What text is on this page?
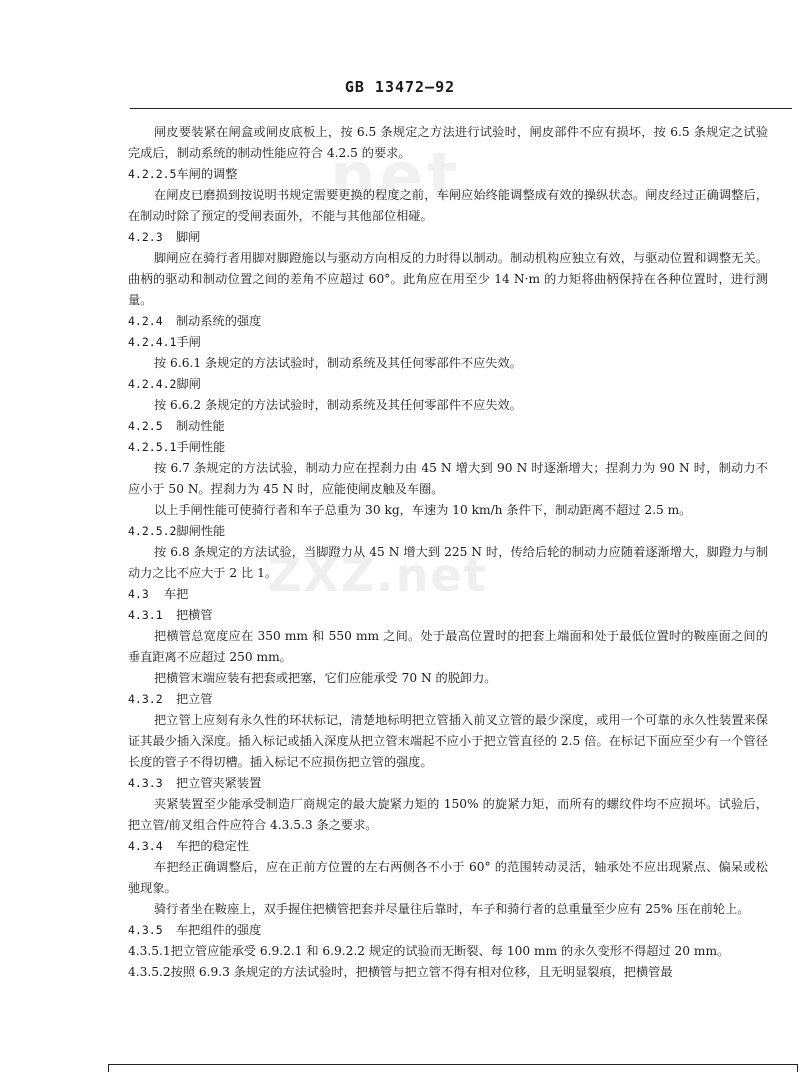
net
ZXZ.net
GB 13472—92
闸皮要装紧在闸盒或闸皮底板上，按 6.5 条规定之方法进行试验时，闸皮部件不应有损坏，按 6.5 条规定之试验完成后，制动系统的制动性能应符合 4.2.5 的要求。
4.2.2.5车闸的调整
在闸皮已磨损到按说明书规定需要更换的程度之前，车闸应始终能调整成有效的操纵状态。闸皮经过正确调整后，在制动时除了预定的受闸表面外，不能与其他部位相碰。
4.2.3 脚闸
脚闸应在骑行者用脚对脚蹬施以与驱动方向相反的力时得以制动。制动机构应独立有效，与驱动位置和调整无关。曲柄的驱动和制动位置之间的差角不应超过 60°。此角应在用至少 14 N·m 的力矩将曲柄保持在各种位置时，进行测量。
4.2.4 制动系统的强度
4.2.4.1手闸
按 6.6.1 条规定的方法试验时，制动系统及其任何零部件不应失效。
4.2.4.2脚闸
按 6.6.2 条规定的方法试验时，制动系统及其任何零部件不应失效。
4.2.5 制动性能
4.2.5.1手闸性能
按 6.7 条规定的方法试验，制动力应在捏刹力由 45 N 增大到 90 N 时逐渐增大；捏刹力为 90 N 时，制动力不应小于 50 N。捏刹力为 45 N 时，应能使闸皮触及车圈。
以上手闸性能可使骑行者和车子总重为 30 kg，车速为 10 km/h 条件下，制动距离不超过 2.5 m。
4.2.5.2脚闸性能
按 6.8 条规定的方法试验，当脚蹬力从 45 N 增大到 225 N 时，传给后轮的制动力应随着逐渐增大，脚蹬力与制动力之比不应大于 2 比 1。
4.3 车把
4.3.1 把横管
把横管总宽度应在 350 mm 和 550 mm 之间。处于最高位置时的把套上端面和处于最低位置时的鞍座面之间的垂直距离不应超过 250 mm。
把横管末端应装有把套或把塞，它们应能承受 70 N 的脱卸力。
4.3.2 把立管
把立管上应刻有永久性的环状标记，清楚地标明把立管插入前叉立管的最少深度，或用一个可靠的永久性装置来保证其最少插入深度。插入标记或插入深度从把立管末端起不应小于把立管直径的 2.5 倍。在标记下面应至少有一个管径长度的管子不得切槽。插入标记不应损伤把立管的强度。
4.3.3 把立管夹紧装置
夹紧装置至少能承受制造厂商规定的最大旋紧力矩的 150% 的旋紧力矩，而所有的螺纹件均不应损坏。试验后，把立管/前叉组合件应符合 4.3.5.3 条之要求。
4.3.4 车把的稳定性
车把经正确调整后，应在正前方位置的左右两侧各不小于 60° 的范围转动灵活，轴承处不应出现紧点、偏呆或松驰现象。
骑行者坐在鞍座上，双手握住把横管把套并尽量往后靠时，车子和骑行者的总重量至少应有 25% 压在前轮上。
4.3.5 车把组件的强度
4.3.5.1把立管应能承受 6.9.2.1 和 6.9.2.2 规定的试验而无断裂、每 100 mm 的永久变形不得超过 20 mm。
4.3.5.2按照 6.9.3 条规定的方法试验时，把横管与把立管不得有相对位移，且无明显裂痕，把横管最
